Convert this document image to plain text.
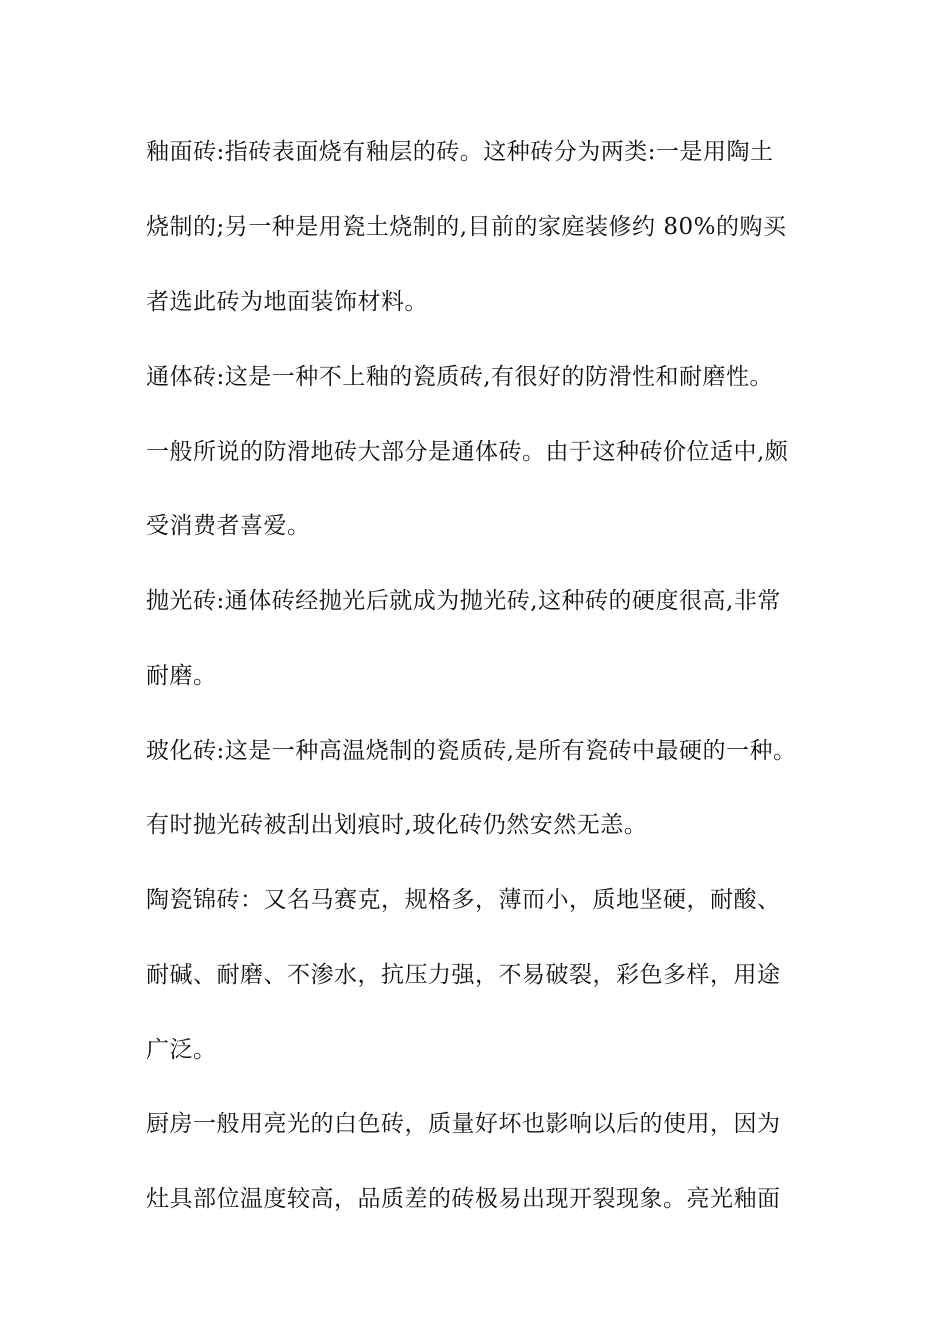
釉面砖:指砖表面烧有釉层的砖。这种砖分为两类:一是用陶土
烧制的;另一种是用瓷土烧制的,目前的家庭装修约 80%的购买
者选此砖为地面装饰材料。
通体砖:这是一种不上釉的瓷质砖,有很好的防滑性和耐磨性。
一般所说的防滑地砖大部分是通体砖。由于这种砖价位适中,颇
受消费者喜爱。
抛光砖:通体砖经抛光后就成为抛光砖,这种砖的硬度很高,非常
耐磨。
玻化砖:这是一种高温烧制的瓷质砖,是所有瓷砖中最硬的一种。
有时抛光砖被刮出划痕时,玻化砖仍然安然无恙。
陶瓷锦砖：又名马赛克，规格多，薄而小，质地坚硬，耐酸、
耐碱、耐磨、不渗水，抗压力强，不易破裂，彩色多样，用途
广泛。
厨房一般用亮光的白色砖，质量好坏也影响以后的使用，因为
灶具部位温度较高，品质差的砖极易出现开裂现象。亮光釉面
